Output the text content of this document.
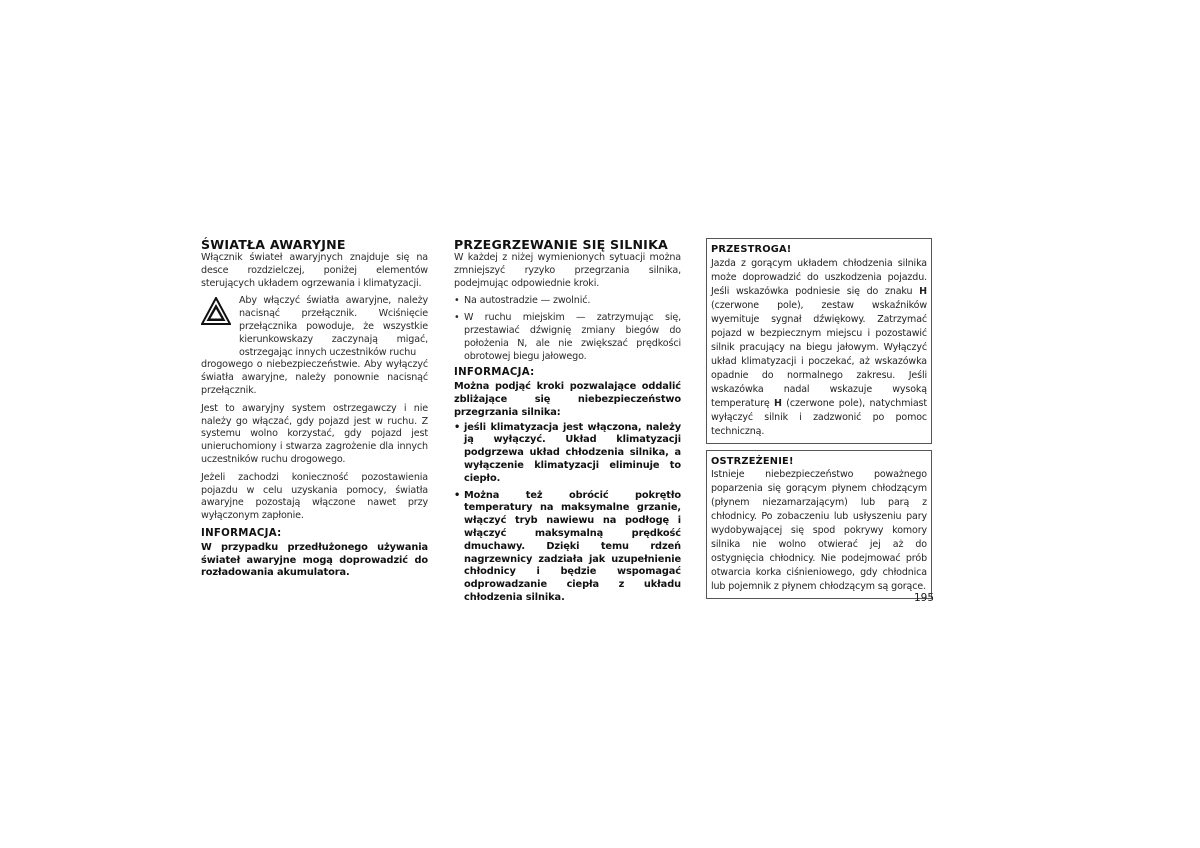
ŚWIATŁA AWARYJNE

Włącznik świateł awaryjnych znajduje się na desce rozdzielczej, poniżej elementów sterujących układem ogrzewania i klimatyzacji.

Aby włączyć światła awaryjne, należy nacisnąć przełącznik. Wciśnięcie przełącznika powoduje, że wszystkie kierunkowskazy zaczynają migać, ostrzegając innych uczestników ruchu

drogowego o niebezpieczeństwie. Aby wyłączyć światła awaryjne, należy ponownie nacisnąć przełącznik.

Jest to awaryjny system ostrzegawczy i nie należy go włączać, gdy pojazd jest w ruchu. Z systemu wolno korzystać, gdy pojazd jest unieruchomiony i stwarza zagrożenie dla innych uczestników ruchu drogowego.

Jeżeli zachodzi konieczność pozostawienia pojazdu w celu uzyskania pomocy, światła awaryjne pozostają włączone nawet przy wyłączonym zapłonie.

INFORMACJA:

W przypadku przedłużonego używania świateł awaryjne mogą doprowadzić do rozładowania akumulatora.

PRZEGRZEWANIE SIĘ SILNIKA

W każdej z niżej wymienionych sytuacji można zmniejszyć ryzyko przegrzania silnika, podejmując odpowiednie kroki.

• Na autostradzie — zwolnić.
• W ruchu miejskim — zatrzymując się, przestawiać dźwignię zmiany biegów do położenia N, ale nie zwiększać prędkości obrotowej biegu jałowego.

INFORMACJA:

Można podjąć kroki pozwalające oddalić zbliżające się niebezpieczeństwo przegrzania silnika:

• jeśli klimatyzacja jest włączona, należy ją wyłączyć. Układ klimatyzacji podgrzewa układ chłodzenia silnika, a wyłączenie klimatyzacji eliminuje to ciepło.
• Można też obrócić pokrętło temperatury na maksymalne grzanie, włączyć tryb nawiewu na podłogę i włączyć maksymalną prędkość dmuchawy. Dzięki temu rdzeń nagrzewnicy zadziała jak uzupełnienie chłodnicy i będzie wspomagać odprowadzanie ciepła z układu chłodzenia silnika.
PRZESTROGA!

Jazda z gorącym układem chłodzenia silnika może doprowadzić do uszkodzenia pojazdu. Jeśli wskazówka podniesie się do znaku H (czerwone pole), zestaw wskaźników wyemituje sygnał dźwiękowy. Zatrzymać pojazd w bezpiecznym miejscu i pozostawić silnik pracujący na biegu jałowym. Wyłączyć układ klimatyzacji i poczekać, aż wskazówka opadnie do normalnego zakresu. Jeśli wskazówka nadal wskazuje wysoką temperaturę H (czerwone pole), natychmiast wyłączyć silnik i zadzwonić po pomoc techniczną.

OSTRZEŻENIE!

Istnieje niebezpieczeństwo poważnego poparzenia się gorącym płynem chłodzącym (płynem niezamarzającym) lub parą z chłodnicy. Po zobaczeniu lub usłyszeniu pary wydobywającej się spod pokrywy komory silnika nie wolno otwierać jej aż do ostygnięcia chłodnicy. Nie podejmować prób otwarcia korka ciśnieniowego, gdy chłodnica lub pojemnik z płynem chłodzącym są gorące.

195
